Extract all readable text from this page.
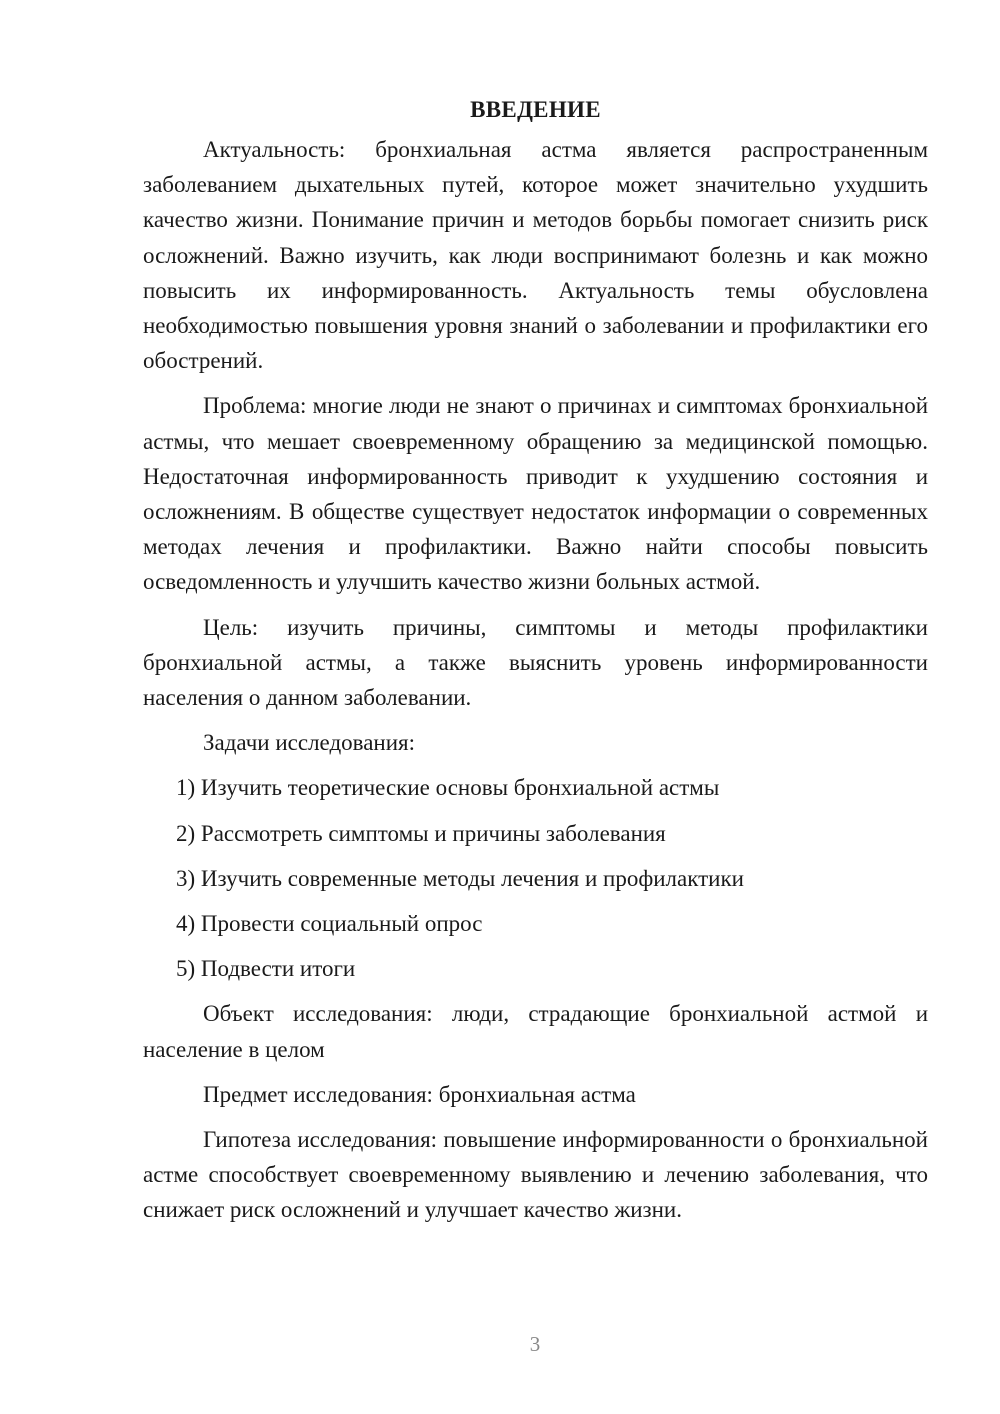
ВВЕДЕНИЕ

Актуальность: бронхиальная астма является распространенным заболеванием дыхательных путей, которое может значительно ухудшить качество жизни. Понимание причин и методов борьбы помогает снизить риск осложнений. Важно изучить, как люди воспринимают болезнь и как можно повысить их информированность. Актуальность темы обусловлена необходимостью повышения уровня знаний о заболевании и профилактики его обострений.

Проблема: многие люди не знают о причинах и симптомах бронхиальной астмы, что мешает своевременному обращению за медицинской помощью. Недостаточная информированность приводит к ухудшению состояния и осложнениям. В обществе существует недостаток информации о современных методах лечения и профилактики. Важно найти способы повысить осведомленность и улучшить качество жизни больных астмой.

Цель: изучить причины, симптомы и методы профилактики бронхиальной астмы, а также выяснить уровень информированности населения о данном заболевании.

Задачи исследования:

1) Изучить теоретические основы бронхиальной астмы
2) Рассмотреть симптомы и причины заболевания
3) Изучить современные методы лечения и профилактики
4) Провести социальный опрос
5) Подвести итоги

Объект исследования: люди, страдающие бронхиальной астмой и население в целом

Предмет исследования: бронхиальная астма

Гипотеза исследования: повышение информированности о бронхиальной астме способствует своевременному выявлению и лечению заболевания, что снижает риск осложнений и улучшает качество жизни.

3
